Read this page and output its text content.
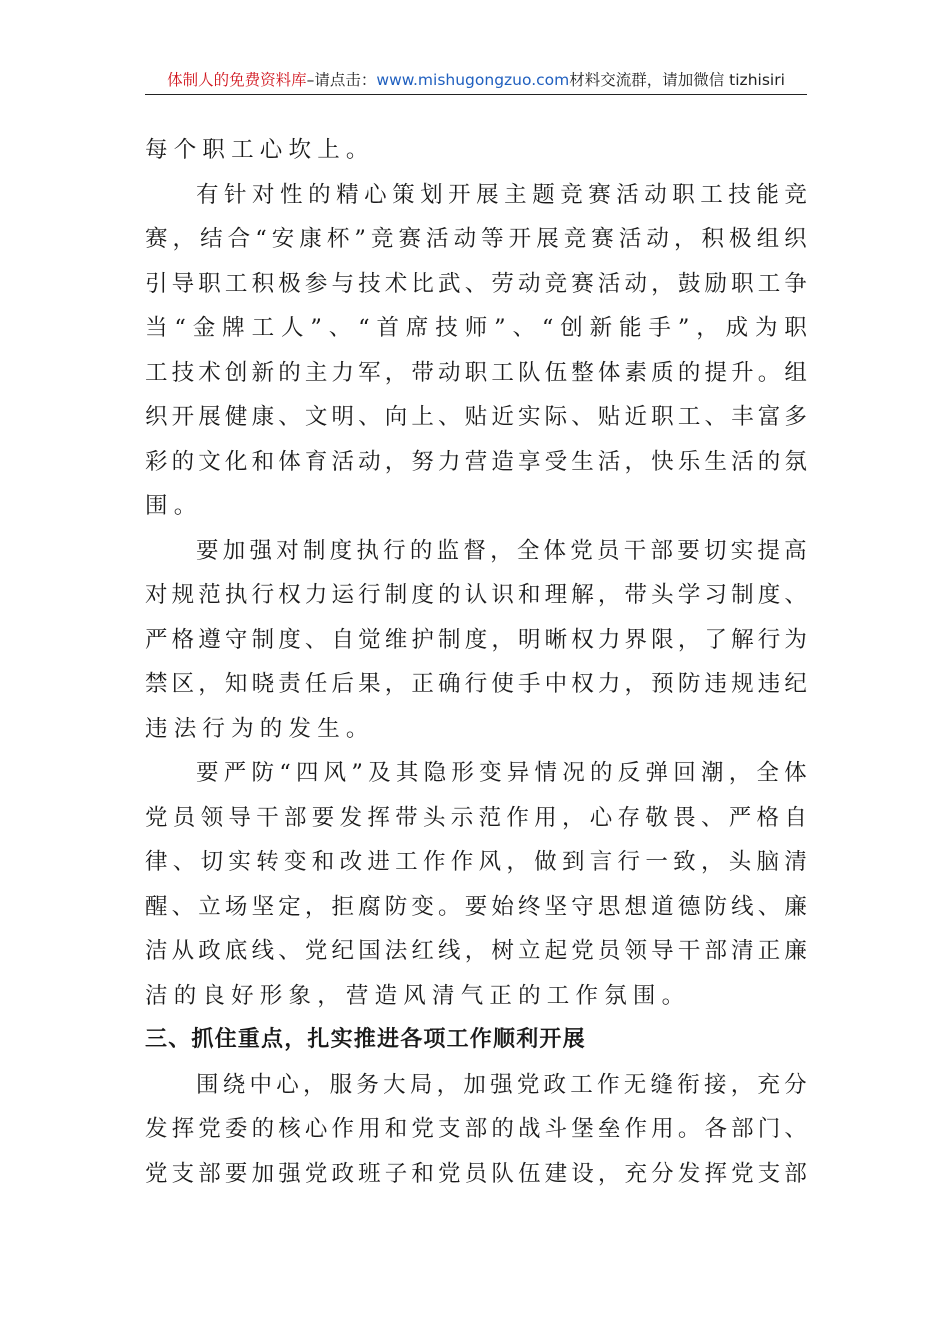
体制人的免费资料库 –请点击： www.mishugongzuo.com 材料交流群，请加微信 tizhisiri
每个职工心坎上。
有 针 对 性 的 精 心 策 划 开 展 主 题 竞 赛 活 动 职 工 技 能 竞
赛 ， 结 合 “ 安 康 杯 ” 竞 赛 活 动 等 开 展 竞 赛 活 动 ， 积 极 组 织
引 导 职 工 积 极 参 与 技 术 比 武 、 劳 动 竞 赛 活 动 ， 鼓 励 职 工 争
当 “ 金 牌 工 人 ” 、 “ 首 席 技 师 ” 、 “ 创 新 能 手 ” ， 成 为 职
工 技 术 创 新 的 主 力 军 ， 带 动 职 工 队 伍 整 体 素 质 的 提 升 。 组
织 开 展 健 康 、 文 明 、 向 上 、 贴 近 实 际 、 贴 近 职 工 、 丰 富 多
彩 的 文 化 和 体 育 活 动 ， 努 力 营 造 享 受 生 活 ， 快 乐 生 活 的 氛
围。
要 加 强 对 制 度 执 行 的 监 督 ， 全 体 党 员 干 部 要 切 实 提 高
对 规 范 执 行 权 力 运 行 制 度 的 认 识 和 理 解 ， 带 头 学 习 制 度 、
严 格 遵 守 制 度 、 自 觉 维 护 制 度 ， 明 晰 权 力 界 限 ， 了 解 行 为
禁 区 ， 知 晓 责 任 后 果 ， 正 确 行 使 手 中 权 力 ， 预 防 违 规 违 纪
违法行为的发生。
要 严 防 “ 四 风 ” 及 其 隐 形 变 异 情 况 的 反 弹 回 潮 ， 全 体
党 员 领 导 干 部 要 发 挥 带 头 示 范 作 用 ， 心 存 敬 畏 、 严 格 自
律 、 切 实 转 变 和 改 进 工 作 作 风 ， 做 到 言 行 一 致 ， 头 脑 清
醒 、 立 场 坚 定 ， 拒 腐 防 变 。 要 始 终 坚 守 思 想 道 德 防 线 、 廉
洁 从 政 底 线 、 党 纪 国 法 红 线 ， 树 立 起 党 员 领 导 干 部 清 正 廉
洁的良好形象，营造风清气正的工作氛围。
三、抓住重点，扎实推进各项工作顺利开展
围 绕 中 心 ， 服 务 大 局 ， 加 强 党 政 工 作 无 缝 衔 接 ， 充 分
发 挥 党 委 的 核 心 作 用 和 党 支 部 的 战 斗 堡 垒 作 用 。 各 部 门 、
党 支 部 要 加 强 党 政 班 子 和 党 员 队 伍 建 设 ， 充 分 发 挥 党 支 部
